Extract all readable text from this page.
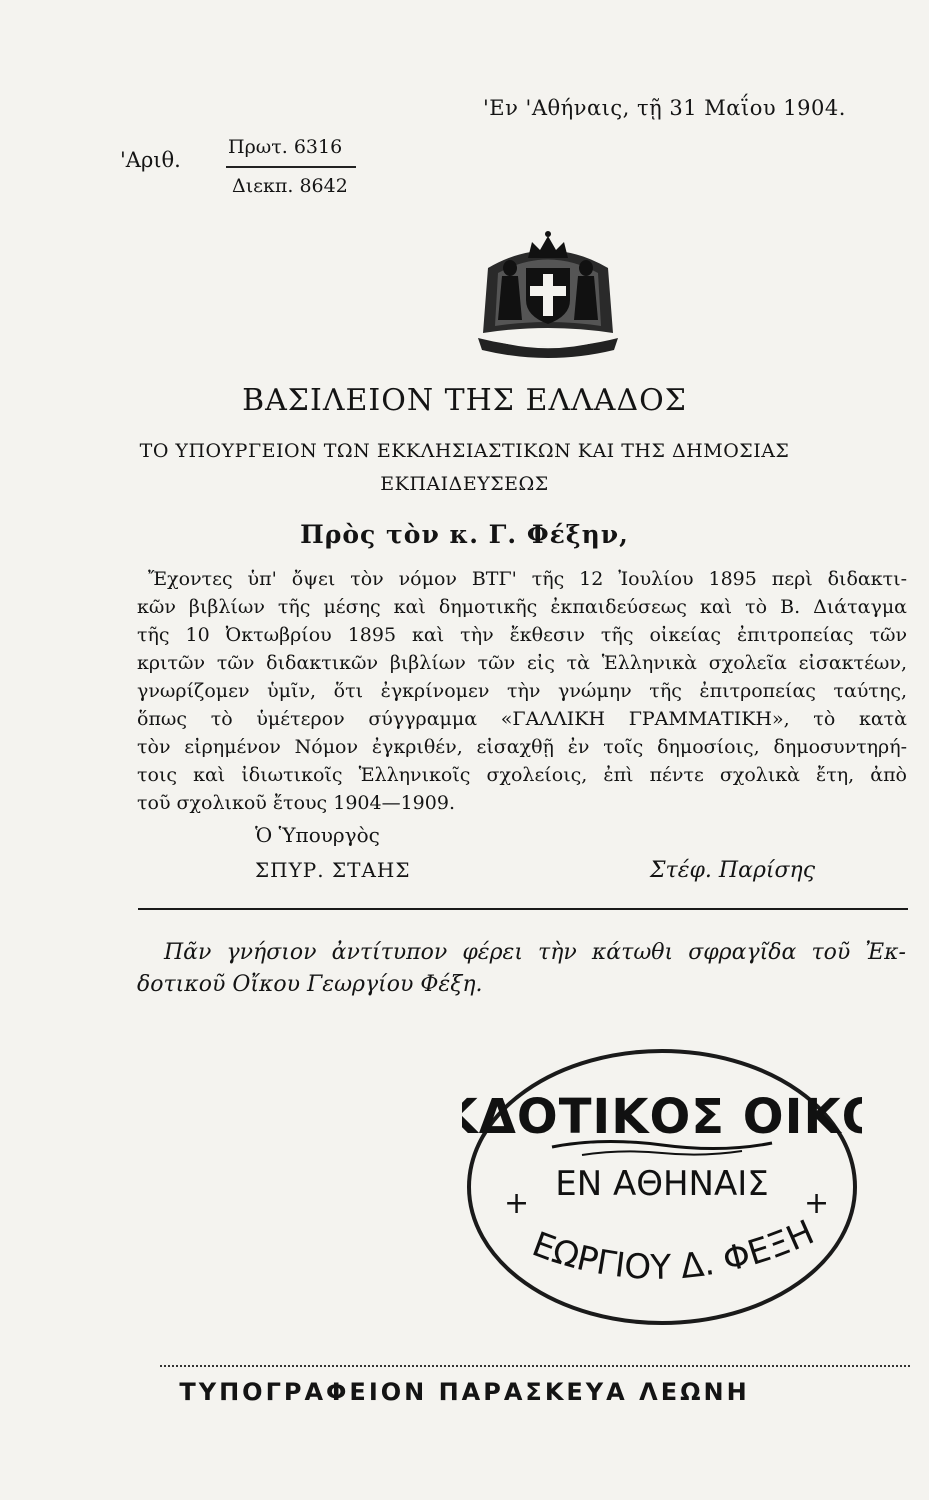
'Εν 'Αθήναις, τῇ 31 Μαΐου 1904.
'Αριθ.
Πρωτ. 6316
Διεκπ. 8642
ΒΑΣΙΛΕΙΟΝ ΤΗΣ ΕΛΛΑΔΟΣ
ΤΟ ΥΠΟΥΡΓΕΙΟΝ ΤΩΝ ΕΚΚΛΗΣΙΑΣΤΙΚΩΝ ΚΑΙ ΤΗΣ ΔΗΜΟΣΙΑΣ
ΕΚΠΑΙΔΕΥΣΕΩΣ
Πρὸς τὸν κ. Γ. Φέξην,
Ἔχοντες ὑπ' ὄψει τὸν νόμον ΒΤΓ' τῆς 12 Ἰουλίου 1895 περὶ διδακτι-
κῶν βιβλίων τῆς μέσης καὶ δημοτικῆς ἐκπαιδεύσεως καὶ τὸ Β. Διάταγμα
τῆς 10 Ὀκτωβρίου 1895 καὶ τὴν ἔκθεσιν τῆς οἰκείας ἐπιτροπείας τῶν
κριτῶν τῶν διδακτικῶν βιβλίων τῶν εἰς τὰ Ἑλληνικὰ σχολεῖα εἰσακτέων,
γνωρίζομεν ὑμῖν, ὅτι ἐγκρίνομεν τὴν γνώμην τῆς ἐπιτροπείας ταύτης,
ὅπως τὸ ὑμέτερον σύγγραμμα «ΓΑΛΛΙΚΗ ΓΡΑΜΜΑΤΙΚΗ», τὸ κατὰ
τὸν εἰρημένον Νόμον ἐγκριθέν, εἰσαχθῇ ἐν τοῖς δημοσίοις, δημοσυντηρή-
τοις καὶ ἰδιωτικοῖς Ἑλληνικοῖς σχολείοις, ἐπὶ πέντε σχολικὰ ἔτη, ἀπὸ
τοῦ σχολικοῦ ἔτους 1904—1909.
Ὁ Ὑπουργὸς
ΣΠΥΡ. ΣΤΑΗΣ	Στέφ. Παρίσης
Πᾶν γνήσιον ἀντίτυπον φέρει τὴν κάτωθι σφραγῖδα τοῦ Ἐκ-
δοτικοῦ Οἴκου Γεωργίου Φέξη.
ΔΟΤΙΚΟΣ ΟΙΚ
ΕΝ ΑΘΗΝΑΙΣ
+	+
ΕΩΡΓΙΟΥ Δ. ΦΕΞΗ
ΤΥΠΟΓΡΑΦΕΙΟΝ ΠΑΡΑΣΚΕΥΑ ΛΕΩΝΗ
